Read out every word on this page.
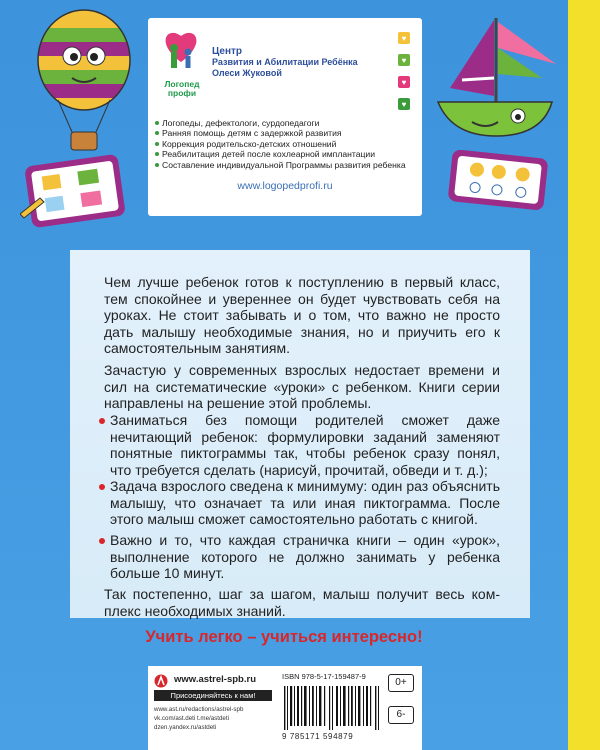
Логопед
профи
Центр
Развития и Абилитации Ребёнка
Олеси Жуковой
♥
♥
♥
♥
Логопеды, дефектологи, сурдопедагоги
Ранняя помощь детям с задержкой развития
Коррекция родительско-детских отношений
Реабилитация детей после кохлеарной имплантации
Составление индивидуальной Программы развития ребенка
www.logopedprofi.ru
Чем лучше ребенок готов к поступлению в первый класс, тем спокойнее и увереннее он будет чувствовать себя на уроках. Не стоит забывать и о том, что важно не просто дать малышу необходимые знания, но и приучить его к самостоятельным занятиям.
Зачастую у современных взрослых недостает времени и сил на систематические «уроки» с ребенком. Книги серии направлены на решение этой проблемы.
Заниматься без помощи родителей сможет даже нечитающий ребенок: формулировки заданий заменяют понятные пиктограммы так, чтобы ребенок сразу понял, что требуется сделать (нарисуй, прочитай, обведи и т. д.);
Задача взрослого сведена к минимуму: один раз объяснить малышу, что означает та или иная пиктограмма. После этого малыш сможет самостоятельно работать с книгой.
Важно и то, что каждая страничка книги – один «урок», выполнение которого не должно занимать у ребенка больше 10 минут.
Так постепенно, шаг за шагом, малыш получит весь комплекс необходимых знаний.
Учить легко – учиться интересно!
www.astrel-spb.ru
Присоединяйтесь к нам!
www.ast.ru/redactions/astrel-spb
vk.com/ast.deti t.me/astdeti
dzen.yandex.ru/astdeti
ISBN 978-5-17-159487-9
9 785171 594879
0+
6-
